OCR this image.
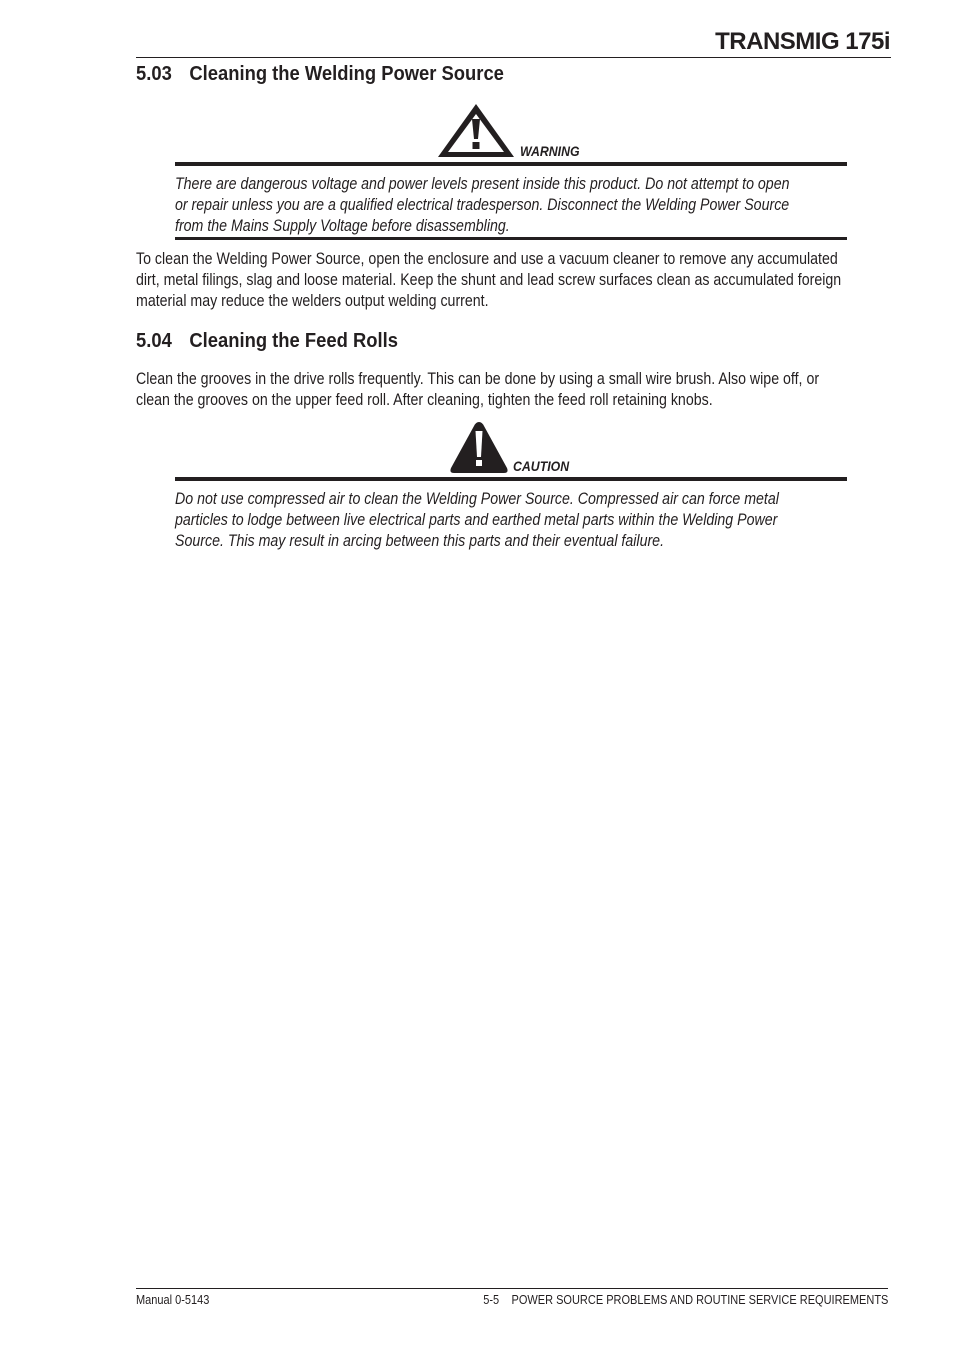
TRANSMIG 175i
5.03 Cleaning the Welding Power Source
WARNING
There are dangerous voltage and power levels present inside this product. Do not attempt to open
or repair unless you are a qualified electrical tradesperson. Disconnect the Welding Power Source
from the Mains Supply Voltage before disassembling.
To clean the Welding Power Source, open the enclosure and use a vacuum cleaner to remove any accumulated
dirt, metal filings, slag and loose material. Keep the shunt and lead screw surfaces clean as accumulated foreign
material may reduce the welders output welding current.
5.04 Cleaning the Feed Rolls
Clean the grooves in the drive rolls frequently. This can be done by using a small wire brush. Also wipe off, or
clean the grooves on the upper feed roll. After cleaning, tighten the feed roll retaining knobs.
CAUTION
Do not use compressed air to clean the Welding Power Source. Compressed air can force metal
particles to lodge between live electrical parts and earthed metal parts within the Welding Power
Source. This may result in arcing between this parts and their eventual failure.
Manual 0-5143	5-5 POWER SOURCE PROBLEMS AND ROUTINE SERVICE REQUIREMENTS
